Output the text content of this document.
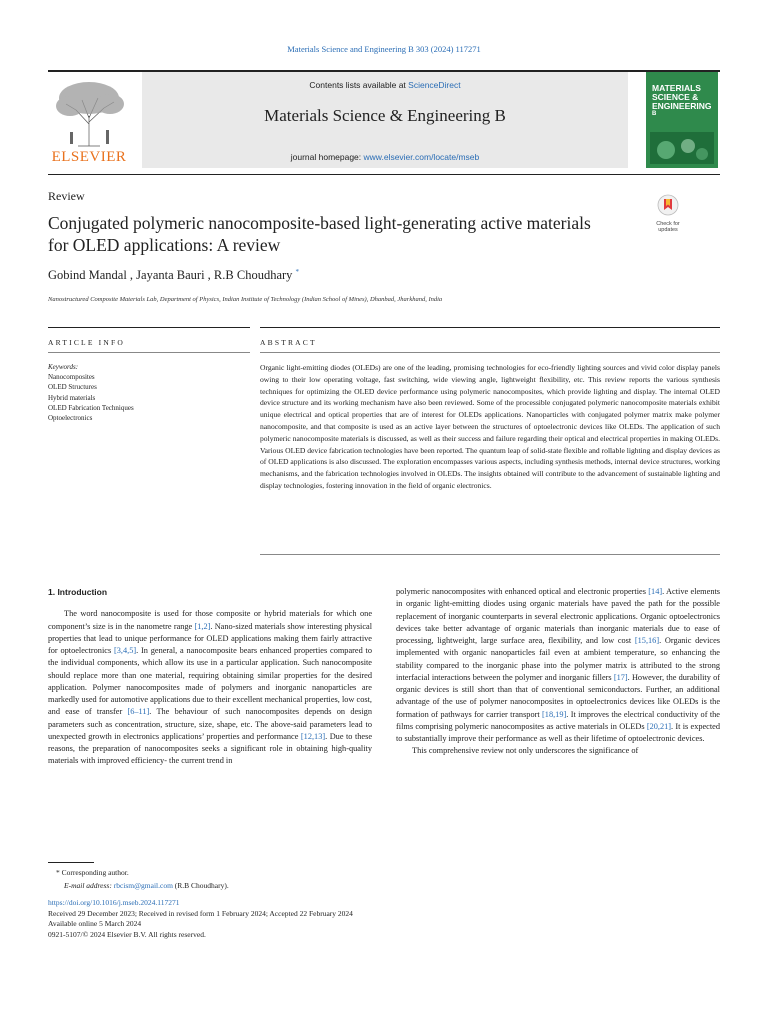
Materials Science and Engineering B 303 (2024) 117271
ELSEVIER
Contents lists available at ScienceDirect
Materials Science & Engineering B
journal homepage: www.elsevier.com/locate/mseb
MATERIALS SCIENCE & ENGINEERING
B
Review
Conjugated polymeric nanocomposite-based light-generating active materials for OLED applications: A review
Check for updates
Gobind Mandal , Jayanta Bauri , R.B Choudhary *
Nanostructured Composite Materials Lab, Department of Physics, Indian Institute of Technology (Indian School of Mines), Dhanbad, Jharkhand, India
ARTICLE INFO	ABSTRACT
Keywords:
Nanocomposites
OLED Structures
Hybrid materials
OLED Fabrication Techniques
Optoelectronics
Organic light-emitting diodes (OLEDs) are one of the leading, promising technologies for eco-friendly lighting sources and vivid color display panels owing to their low operating voltage, fast switching, wide viewing angle, lightweight flexibility, etc. This review reports the various synthesis techniques for optimizing the OLED device performance using polymeric nanocomposites, which provide lighting and display. The internal OLED device structure and its working mechanism have also been reviewed. Some of the processible conjugated polymeric nanocomposite materials exhibit unique electrical and optical properties that are of interest for OLEDs applications. Nanoparticles with conjugated polymer matrix make polymer nanocomposite, and that composite is used as an active layer between the structures of optoelectronic devices like OLEDs. The application of such polymeric nanocomposite materials is discussed, as well as their success and failure regarding their optical and electrical properties in making OLEDs. Various OLED device fabrication technologies have been reported. The quantum leap of solid-state flexible and rollable lighting and display devices as of OLED applications is also discussed. The exploration encompasses various aspects, including synthesis methods, internal device structures, working mechanisms, and the fabrication technologies involved in OLEDs. The insights obtained will contribute to the advancement of sustainable lighting and display technologies, fostering innovation in the field of organic electronics.
1. Introduction

The word nanocomposite is used for those composite or hybrid materials for which one component’s size is in the nanometre range [1,2]. Nano-sized materials show interesting physical properties that lead to unique performance for OLED applications making them fairly attractive for optoelectronics [3,4,5]. In general, a nanocomposite bears enhanced properties compared to the individual components, which allow its use in a particular application. Such nanocomposite should replace more than one material, requiring obtaining similar properties for the desired application. Polymer nanocomposites made of polymers and inorganic nanoparticles are markedly used for automotive applications due to their excellent mechanical properties, low cost, and ease of transfer [6–11]. The behaviour of such nanocomposites depends on design parameters such as concentration, structure, size, shape, etc. The above-said parameters lead to unexpected growth in electronics applications’ properties and performance [12,13]. Due to these reasons, the preparation of nanocomposites seeks a significant role in obtaining high-quality materials with improved efficiency- the current trend in

polymeric nanocomposites with enhanced optical and electronic properties [14]. Active elements in organic light-emitting diodes using organic materials have paved the path for the possible replacement of inorganic counterparts in several electronic applications. Organic optoelectronics devices take better advantage of organic materials than inorganic materials due to ease of processing, lightweight, large surface area, flexibility, and low cost [15,16]. Organic devices implemented with organic nanoparticles fail even at ambient temperature, so enhancing the stability compared to the inorganic phase into the polymer matrix is attributed to the strong interfacial interactions between the polymer and inorganic fillers [17]. However, the durability of organic devices is still short than that of conventional semiconductors. Further, an additional advantage of the use of polymer nanocomposites in optoelectronics devices like OLEDs is the formation of pathways for carrier transport [18,19]. It improves the electrical conductivity of the films comprising polymeric nanocomposites as active materials in OLEDs [20,21]. It is expected to substantially improve their performance as well as their lifetime of optoelectronic devices.

This comprehensive review not only underscores the significance of

* Corresponding author.
E-mail address: rbcism@gmail.com (R.B Choudhary).
https://doi.org/10.1016/j.mseb.2024.117271
Received 29 December 2023; Received in revised form 1 February 2024; Accepted 22 February 2024
Available online 5 March 2024
0921-5107/© 2024 Elsevier B.V. All rights reserved.
